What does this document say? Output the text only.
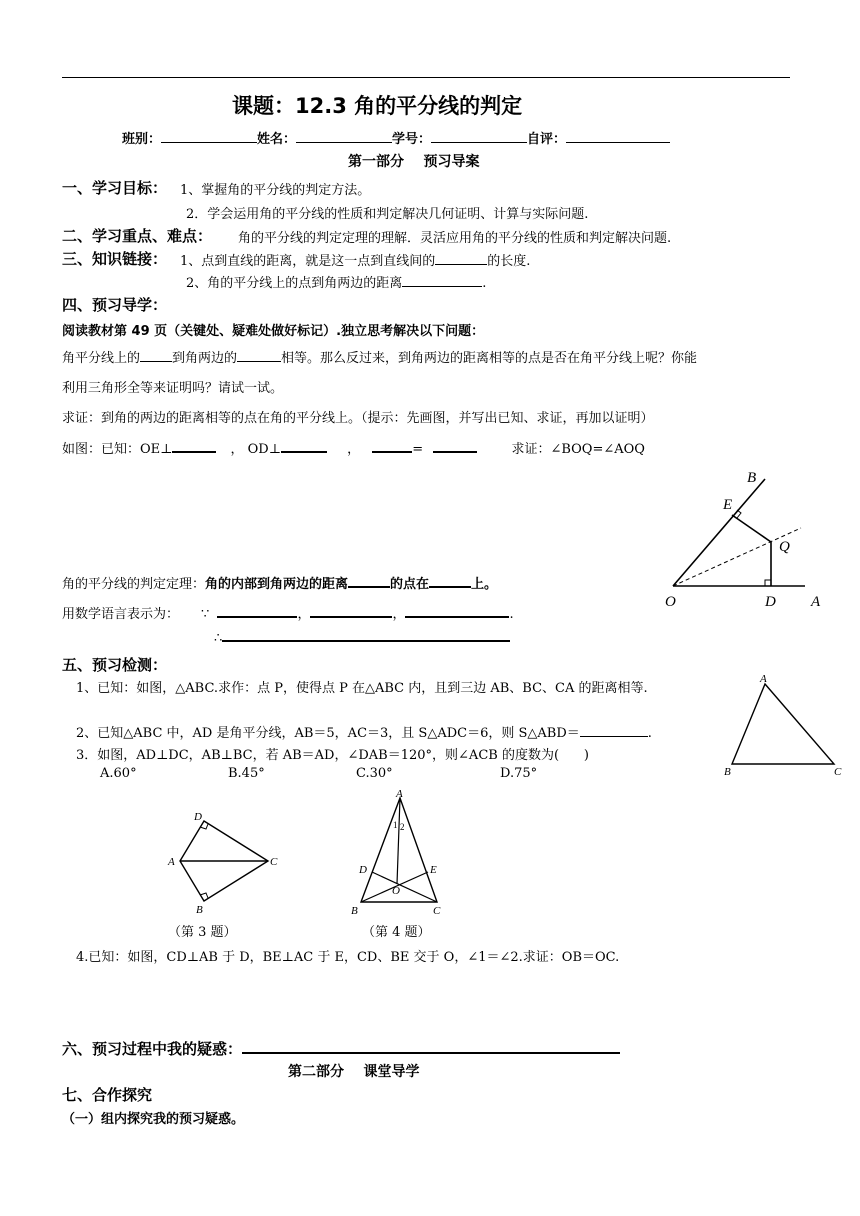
课题：12.3 角的平分线的判定
班别：	姓名：	学号：	自评：
第一部分    预习导案
一、学习目标： 1、掌握角的平分线的判定方法。
2．学会运用角的平分线的性质和判定解决几何证明、计算与实际问题.
二、学习重点、难点： 角的平分线的判定定理的理解．灵活应用角的平分线的性质和判定解决问题.
三、知识链接： 1、点到直线的距离，就是这一点到直线间的	的长度.
2、角的平分线上的点到角两边的距离	.
四、预习导学：
阅读教材第 49 页（关键处、疑难处做好标记）.独立思考解决以下问题：
角平分线上的 到角两边的	相等。那么反过来，到角两边的距离相等的点是否在角平分线上呢？你能
利用三角形全等来证明吗？请试一试。
求证：到角的两边的距离相等的点在角的平分线上。（提示：先画图，并写出已知、求证，再加以证明）
如图：已知：OE⊥	， OD⊥	，	=	求证：∠BOQ=∠AOQ
B
E
Q
O	D A
角的平分线的判定定理：角的内部到角两边的距离	的点在	上。
用数学语言表示为： ∵	，	，	.
∴
五、预习检测：
1、已知：如图，△ABC.求作：点 P，使得点 P 在△ABC 内，且到三边 AB、BC、CA 的距离相等.
A
B	C
2、已知△ABC 中，AD 是角平分线，AB＝5，AC＝3，且 S△ADC＝6，则 S△ABD＝	.
3．如图，AD⊥DC，AB⊥BC，若 AB＝AD，∠DAB＝120°，则∠ACB 的度数为(      )
A.60°	B.45°	C.30°	D.75°
D
A	C
B
A
1 2
D	E
O
B	C
（第 3 题）	（第 4 题）
4.已知：如图，CD⊥AB 于 D，BE⊥AC 于 E，CD、BE 交于 O，∠1＝∠2.求证：OB＝OC.
六、预习过程中我的疑惑：
第二部分    课堂导学
七、合作探究
（一）组内探究我的预习疑惑。
